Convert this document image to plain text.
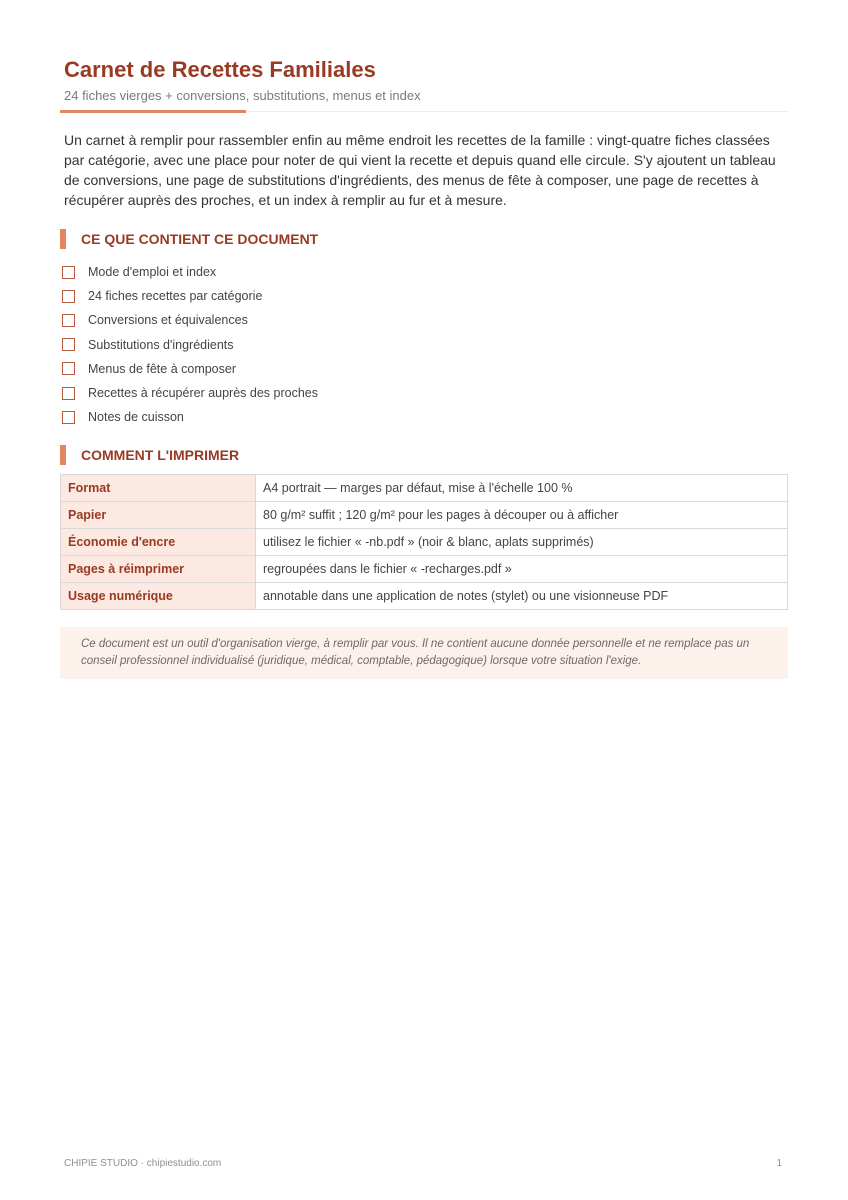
Carnet de Recettes Familiales
24 fiches vierges + conversions, substitutions, menus et index

Un carnet à remplir pour rassembler enfin au même endroit les recettes de la famille : vingt-quatre fiches classées par catégorie, avec une place pour noter de qui vient la recette et depuis quand elle circule. S'y ajoutent un tableau de conversions, une page de substitutions d'ingrédients, des menus de fête à composer, une page de recettes à récupérer auprès des proches, et un index à remplir au fur et à mesure.

CE QUE CONTIENT CE DOCUMENT
Mode d'emploi et index
24 fiches recettes par catégorie
Conversions et équivalences
Substitutions d'ingrédients
Menus de fête à composer
Recettes à récupérer auprès des proches
Notes de cuisson
COMMENT L'IMPRIMER
Format	A4 portrait — marges par défaut, mise à l'échelle 100 %
Papier	80 g/m² suffit ; 120 g/m² pour les pages à découper ou à afficher
Économie d'encre	utilisez le fichier « -nb.pdf » (noir & blanc, aplats supprimés)
Pages à réimprimer	regroupées dans le fichier « -recharges.pdf »
Usage numérique	annotable dans une application de notes (stylet) ou une visionneuse PDF
Ce document est un outil d'organisation vierge, à remplir par vous. Il ne contient aucune donnée personnelle et ne remplace pas un conseil professionnel individualisé (juridique, médical, comptable, pédagogique) lorsque votre situation l'exige.
CHIPIE STUDIO · chipiestudio.com	1
